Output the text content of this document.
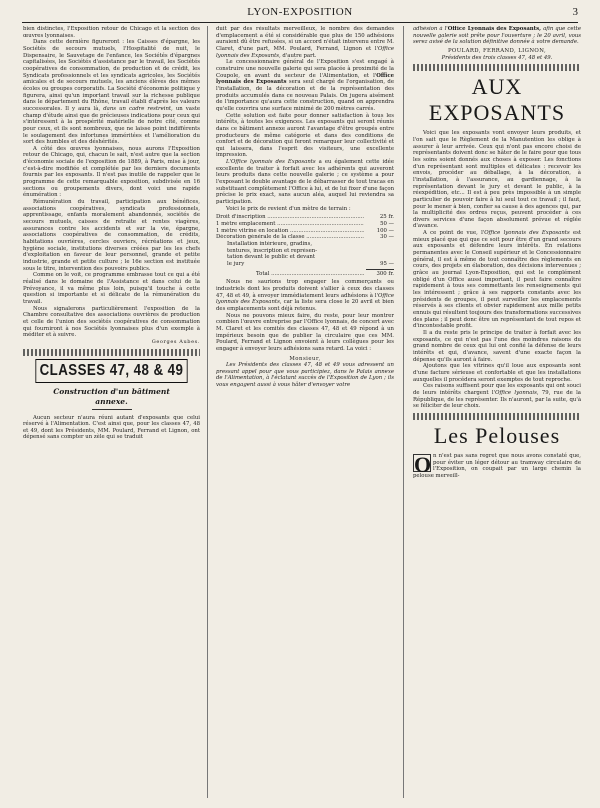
LYON-EXPOSITION	3

bien distinctes, l'Exposition retour de Chicago et la section des œuvres lyonnaises.

Dans cette dernière figureront : les Caisses d'épargne, les Sociétés de secours mutuels, l'Hospitalité de nuit, le Dispensaire, le Sauvetage de l'enfance, les Sociétés d'épargnes capitalisées, les Sociétés d'assistance par le travail, les Sociétés coopératives de consommation, de production et de crédit, les Syndicats professionnels et les syndicats agricoles, les Sociétés amicales et de secours mutuels, les anciens élèves des mêmes écoles ou groupes corporatifs. La Société d'économie politique y figurera, ainsi qu'un important travail sur la richesse publique dans le département du Rhône, travail établi d'après les valeurs successorales. Il y aura là, dans un cadre restreint, un vaste champ d'étude ainsi que de précieuses indications pour ceux qui s'intéressent à la prospérité matérielle de notre cité, comme pour ceux, et ils sont nombreux, que ne laisse point indifférents le soulagement des infortunes imméritées et l'amélioration du sort des humbles et des déshérités.

A côté des œuvres lyonnaises, nous aurons l'Exposition retour de Chicago, qui, chacun le sait, n'est autre que la section d'économie sociale de l'exposition de 1889, à Paris, mise à jour, c'est-à-dire modifiée et complétée par les derniers documents fournis par les exposants. Il n'est pas inutile de rappeler que le programme de cette remarquable exposition, subdivisée en 16 sections ou groupements divers, dont voici une rapide énumération :

Rémunération du travail, participation aux bénéfices, associations coopératives, syndicats professionnels, apprentissage, enfants moralement abandonnés, sociétés de secours mutuels, caisses de retraite et rentes viagères, assurances contre les accidents et sur la vie, épargne, associations coopératives de consommation, de crédits, habitations ouvrières, cercles ouvriers, récréations et jeux, hygiène sociale, institutions diverses créées par les les chefs d'exploitation en faveur de leur personnel, grande et petite industrie, grande et petite culture ; le 16e section est instituée sous le titre, intervention des pouvoirs publics.

Comme on le voit, ce programme embrasse tout ce qui a été réalisé dans le domaine de l'Assistance et dans celui de la Prévoyance, il va même plus loin, puisqu'il touche à cette question si importante et si délicate de la rémunération du travail.

Nous signalerons particulièrement l'exposition de la Chambre consultative des associations ouvrières de production et celle de l'union des sociétés coopératives de consommation qui fourniront à nos Sociétés lyonnaises plus d'un exemple à méditer et à suivre.

Georges Aubes.

CLASSES 47, 48 & 49
Construction d'un bâtiment
annexe.

Aucun secteur n'aura réuni autant d'exposants que celui réservé à l'Alimentation. C'est ainsi que, pour les classes 47, 48 et 49, dont les Présidents, MM. Poulard, Ferrand et Lignon, ont dépensé sans compter un zèle qui se traduit

duit par des résultats merveilleux, le nombre des demandes d'emplacement a été si considérable que plus de 150 adhésions auraient dû être refusées, si un accord n'était intervenu entre M. Claret, d'une part, MM. Poulard, Ferrand, Lignon et l'Office lyonnais des Exposants, d'autre part.

Le concessionnaire général de l'Exposition s'est engagé à construire une nouvelle galerie qui sera placée à proximité de la Coupole, en avant du secteur de l'Alimentation, et l'Office lyonnais des Exposants sera seul chargé de l'organisation, de l'installation, de la décoration et de la représentation des produits accumulés dans ce nouveau Palais. On jugera aisément de l'importance qu'aura cette construction, quand on apprendra qu'elle couvrira une surface minimé de 200 mètres carrés.

Cette solution est faite pour donner satisfaction à tous les intérêts, à toutes les exigences. Les exposants qui seront réunis dans ce bâtiment annexe auront l'avantage d'être groupés entre producteurs de même catégorie et dans des conditions de confort et de décoration qui feront remarquer leur collectivité et qui laissera, dans l'esprit des visiteurs, une excellente impression.

L'Office lyonnais des Exposants a eu également cette idée excellente de traiter à forfait avec les adhérents qui auveront leurs produits dans cette nouvelle galerie ; ce système a pour l'exposant le double avantage de le débarrasser de tout tracas en substituant complètement l'Office à lui, et de lui fixer d'une façon précise le prix exact, sans aucun aléa, auquel lui reviendra sa participation.

Voici le prix de revient d'un mètre de terrain :

Droit d'inscription .....	25 fr.
1 mètre emplacement .....	50 —
1 mètre vitrine en location .....	100 —
Décoration générale de la classe .....	30 —
Installation intérieure, gradins,
tentures, inscription et représen-
tation devant le public et devant
le jury	95 —
Total .....	300 fr.

Nous ne saurions trop engager les commerçants ou industriels dont les produits doivent s'allier à ceux des classes 47, 48 et 49, à envoyer immédiatement leurs adhésions à l'Office lyonnais des Exposants, car la liste sera close le 20 avril et bien des emplacements sont déjà retenus.

Nous ne pouvons mieux faire, du reste, pour leur montrer combien l'œuvre entreprise par l'Office lyonnais, de concert avec M. Claret et les comités des classes 47, 48 et 49 répond à un impérieux besoin que de publier la circulaire que ces MM. Poulard, Ferrand et Lignon envoient à leurs collègues pour les engager à envoyer leurs adhésions sans retard. La voici :

Monsieur,

Les Présidents des classes 47, 48 et 49 vous adressent un pressant appel pour que vous participiez, dans le Palais annexe de l'Alimentation, à l'éclatant succès de l'Exposition de Lyon ; ils vous engagent aussi à vous hâter d'envoyer votre

adhésion à l'Office Lyonnais des Exposants, afin que cette nouvelle galerie soit prête pour l'ouverture ; le 20 avril, vous serez avisé de la solution définitive donnée à votre demande.

POULARD, FERRAND, LIGNON,

Présidents des trois classes 47, 48 et 49.

AUX EXPOSANTS

Voici que les exposants vont envoyer leurs produits, et l'on sait que le Règlement de la Manutention les oblige à assurer à leur arrivée. Ceux qui n'ont pas encore choisi de représentants doivent donc se hâter de le faire pour que tous les soins soient donnés aux choses à exposer. Les fonctions d'un représentant sont multiples et délicates : recevoir les envois, procéder au déballage, à la décoration, à l'installation, à l'assurance, au gardiennage, à la représentation devant le jury et devant le public, à la réexpédition, etc... Il est à peu près impossible à un simple particulier de pouvoir faire à lui seul tout ce travail ; il faut, pour le mener à bien, confier sa cause à des agences qui, par la multiplicité des ordres reçus, peuvent procéder à ces divers services d'une façon absolument prévue et réglée d'avance.

A ce point de vue, l'Office lyonnais des Exposants est mieux placé que qui que ce soit pour être d'un grand secours aux exposants et défendre leurs intérêts. En relations permanentes avec le Conseil supérieur et le Concessionnaire général, il est à même de tout connaître des règlements en cours, des projets en élaboration, des décisions intervenues ; grâce au journal Lyon-Exposition, qui est le complément obligé d'un Office aussi important, il peut faire connaître rapidement à tous ses commettants les renseignements qui les intéressent ; grâce à ses rapports constants avec les présidents de groupes, il peut surveiller les emplacements réservés à ses clients et obvier rapidement aux mille petits ennuis qui résultent toujours des transformations successives des plans ; il peut donc être un représentant de tout repos et d'incontestable profit.

Il a du reste pris le principe de traiter à forfait avec les exposants, ce qui n'est pas l'une des moindres raisons du grand nombre de ceux qui lui ont confié la défense de leurs intérêts et qui, d'avance, savent d'une exacte façon la dépense qu'ils auront à faire.

Ajoutons que les vitrines qu'il loue aux exposants sont d'une facture sérieuse et confortable et que les installations auxquelles il procédera seront exemptes de tout reproche.

Ces raisons suffisent pour que les exposants qui ont souci de leurs intérêts chargent l'Office lyonnais, 79, rue de la République, de les représenter. Ils n'auront, par la suite, qu'à se féliciter de leur choix.

Les Pelouses

O n n'est pas sans regret que nous avons constaté que, pour éviter un léger détour au tramway circulaire de l'Exposition, on coupait par un large chemin la pelouse merveill-
